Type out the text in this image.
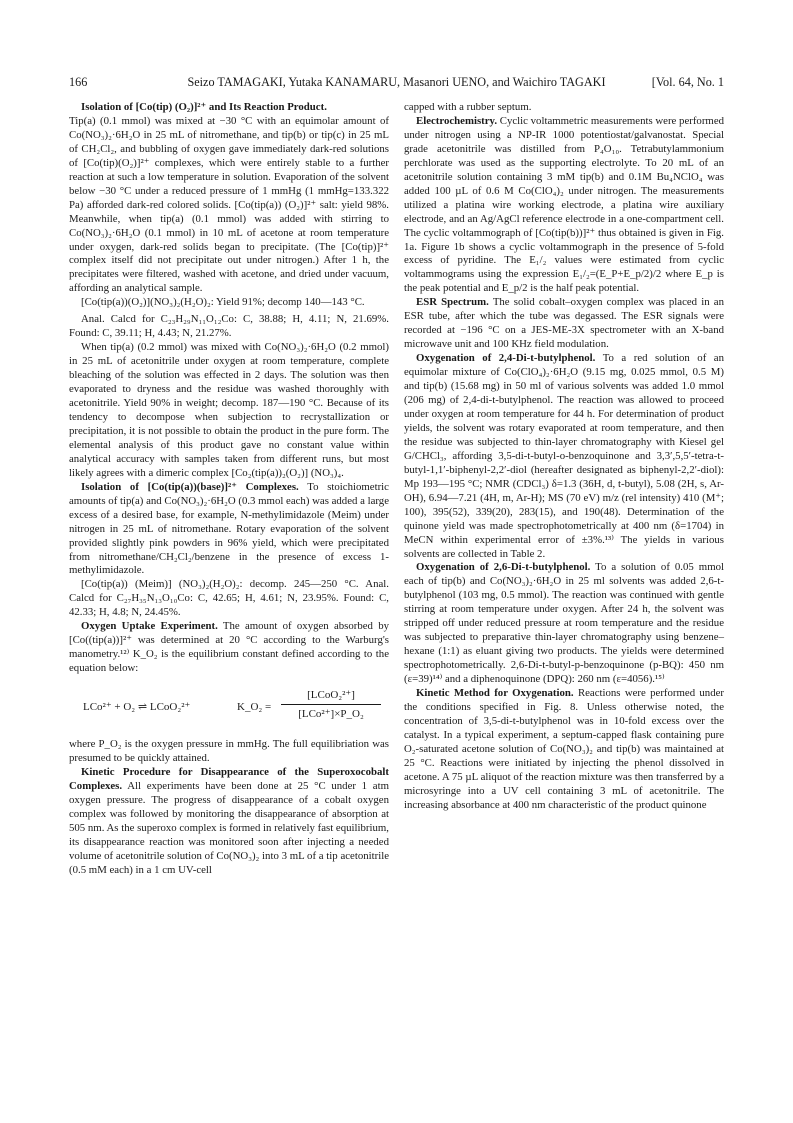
166	Seizo TAMAGAKI, Yutaka KANAMARU, Masanori UENO, and Waichiro TAGAKI	[Vol. 64, No. 1

Isolation of [Co(tip) (O₂)]²⁺ and Its Reaction Product.

Tip(a) (0.1 mmol) was mixed at −30 °C with an equimolar amount of Co(NO₃)₂·6H₂O in 25 mL of nitromethane, and tip(b) or tip(c) in 25 mL of CH₂Cl₂, and bubbling of oxygen gave immediately dark-red solutions of [Co(tip)(O₂)]²⁺ complexes, which were entirely stable to a further reaction at such a low temperature in solution. Evaporation of the solvent below −30 °C under a reduced pressure of 1 mmHg (1 mmHg=133.322 Pa) afforded dark-red colored solids. [Co(tip(a)) (O₂)]²⁺ salt: yield 98%. Meanwhile, when tip(a) (0.1 mmol) was added with stirring to Co(NO₃)₂·6H₂O (0.1 mmol) in 10 mL of acetone at room temperature under oxygen, dark-red solids began to precipitate. (The [Co(tip)]²⁺ complex itself did not precipitate out under nitrogen.) After 1 h, the precipitates were filtered, washed with acetone, and dried under vacuum, affording an analytical sample.

[Co(tip(a))(O₂)](NO₃)₂(H₂O)₂: Yield 91%; decomp 140—143 °C.

Anal. Calcd for C₂₃H₂₉N₁₁O₁₂Co: C, 38.88; H, 4.11; N, 21.69%. Found: C, 39.11; H, 4.43; N, 21.27%.

When tip(a) (0.2 mmol) was mixed with Co(NO₃)₂·6H₂O (0.2 mmol) in 25 mL of acetonitrile under oxygen at room temperature, complete bleaching of the solution was effected in 2 days. The solution was then evaporated to dryness and the residue was washed thoroughly with acetonitrile. Yield 90% in weight; decomp. 187—190 °C. Because of its tendency to decompose when subjection to recrystallization or precipitation, it is not possible to obtain the product in the pure form. The elemental analysis of this product gave no constant value within analytical accuracy with samples taken from different runs, but most likely agrees with a dimeric complex [Co₂(tip(a))₂(O₂)] (NO₃)₄.

Isolation of [Co(tip(a))(base)]²⁺ Complexes. To stoichiometric amounts of tip(a) and Co(NO₃)₂·6H₂O (0.3 mmol each) was added a large excess of a desired base, for example, N-methylimidazole (Meim) under nitrogen in 25 mL of nitromethane. Rotary evaporation of the solvent provided slightly pink powders in 96% yield, which were precipitated from nitromethane/CH₂Cl₂/benzene in the presence of excess 1-methylimidazole.

[Co(tip(a)) (Meim)] (NO₃)₂(H₂O)₂: decomp. 245—250 °C. Anal. Calcd for C₂₇H₃₅N₁₃O₁₀Co: C, 42.65; H, 4.61; N, 23.95%. Found: C, 42.33; H, 4.8; N, 24.45%.

Oxygen Uptake Experiment. The amount of oxygen absorbed by [Co((tip(a))]²⁺ was determined at 20 °C according to the Warburg's manometry.¹²⁾ K_O₂ is the equilibrium constant defined according to the equation below:

LCo²⁺ + O₂ ⇌ LCoO₂²⁺	K_O₂ =
[LCoO₂²⁺]
[LCo²⁺]×P_O₂

where P_O₂ is the oxygen pressure in mmHg. The full equilibriation was presumed to be quickly attained.

Kinetic Procedure for Disappearance of the Superoxocobalt Complexes. All experiments have been done at 25 °C under 1 atm oxygen pressure. The progress of disappearance of a cobalt oxygen complex was followed by monitoring the disappearance of absorption at 505 nm. As the superoxo complex is formed in relatively fast equilibrium, its disappearance reaction was monitored soon after injecting a needed volume of acetonitrile solution of Co(NO₃)₂ into 3 mL of a tip acetonitrile (0.5 mM each) in a 1 cm UV-cell

capped with a rubber septum.

Electrochemistry. Cyclic voltammetric measurements were performed under nitrogen using a NP-IR 1000 potentiostat/galvanostat. Special grade acetonitrile was distilled from P₄O₁₀. Tetrabutylammonium perchlorate was used as the supporting electrolyte. To 20 mL of an acetonitrile solution containing 3 mM tip(b) and 0.1M Bu₄NClO₄ was added 100 µL of 0.6 M Co(ClO₄)₂ under nitrogen. The measurements utilized a platina wire working electrode, a platina wire auxiliary electrode, and an Ag/AgCl reference electrode in a one-compartment cell. The cyclic voltammograph of [Co(tip(b))]²⁺ thus obtained is given in Fig. 1a. Figure 1b shows a cyclic voltammograph in the presence of 5-fold excess of pyridine. The E₁/₂ values were estimated from cyclic voltammograms using the expression E₁/₂=(E_P+E_p/2)/2 where E_p is the peak potential and E_p/2 is the half peak potential.

ESR Spectrum. The solid cobalt–oxygen complex was placed in an ESR tube, after which the tube was degassed. The ESR signals were recorded at −196 °C on a JES-ME-3X spectrometer with an X-band microwave unit and 100 KHz field modulation.

Oxygenation of 2,4-Di-t-butylphenol. To a red solution of an equimolar mixture of Co(ClO₄)₂·6H₂O (9.15 mg, 0.025 mmol, 0.5 M) and tip(b) (15.68 mg) in 50 ml of various solvents was added 1.0 mmol (206 mg) of 2,4-di-t-butylphenol. The reaction was allowed to proceed under oxygen at room temperature for 44 h. For determination of product yields, the solvent was rotary evaporated at room temperature, and then the residue was subjected to thin-layer chromatography with Kiesel gel G/CHCl₃, affording 3,5-di-t-butyl-o-benzoquinone and 3,3′,5,5′-tetra-t-butyl-1,1′-biphenyl-2,2′-diol (hereafter designated as biphenyl-2,2′-diol): Mp 193—195 °C; NMR (CDCl₃) δ=1.3 (36H, d, t-butyl), 5.08 (2H, s, Ar-OH), 6.94—7.21 (4H, m, Ar-H); MS (70 eV) m/z (rel intensity) 410 (M⁺; 100), 395(52), 339(20), 283(15), and 190(48). Determination of the quinone yield was made spectrophotometrically at 400 nm (δ=1704) in MeCN within experimental error of ±3%.¹³⁾ The yields in various solvents are collected in Table 2.

Oxygenation of 2,6-Di-t-butylphenol. To a solution of 0.05 mmol each of tip(b) and Co(NO₃)₂·6H₂O in 25 ml solvents was added 2,6-t-butylphenol (103 mg, 0.5 mmol). The reaction was continued with gentle stirring at room temperature under oxygen. After 24 h, the solvent was stripped off under reduced pressure at room temperature and the residue was subjected to preparative thin-layer chromatography using benzene–hexane (1:1) as eluant giving two products. The yields were determined spectrophotometrically. 2,6-Di-t-butyl-p-benzoquinone (p-BQ): 450 nm (ε=39)¹⁴⁾ and a diphenoquinone (DPQ): 260 nm (ε=4056).¹⁵⁾

Kinetic Method for Oxygenation. Reactions were performed under the conditions specified in Fig. 8. Unless otherwise noted, the concentration of 3,5-di-t-butylphenol was in 10-fold excess over the catalyst. In a typical experiment, a septum-capped flask containing pure O₂-saturated acetone solution of Co(NO₃)₂ and tip(b) was maintained at 25 °C. Reactions were initiated by injecting the phenol dissolved in acetone. A 75 µL aliquot of the reaction mixture was then transferred by a microsyringe into a UV cell containing 3 mL of acetonitrile. The increasing absorbance at 400 nm characteristic of the product quinone
